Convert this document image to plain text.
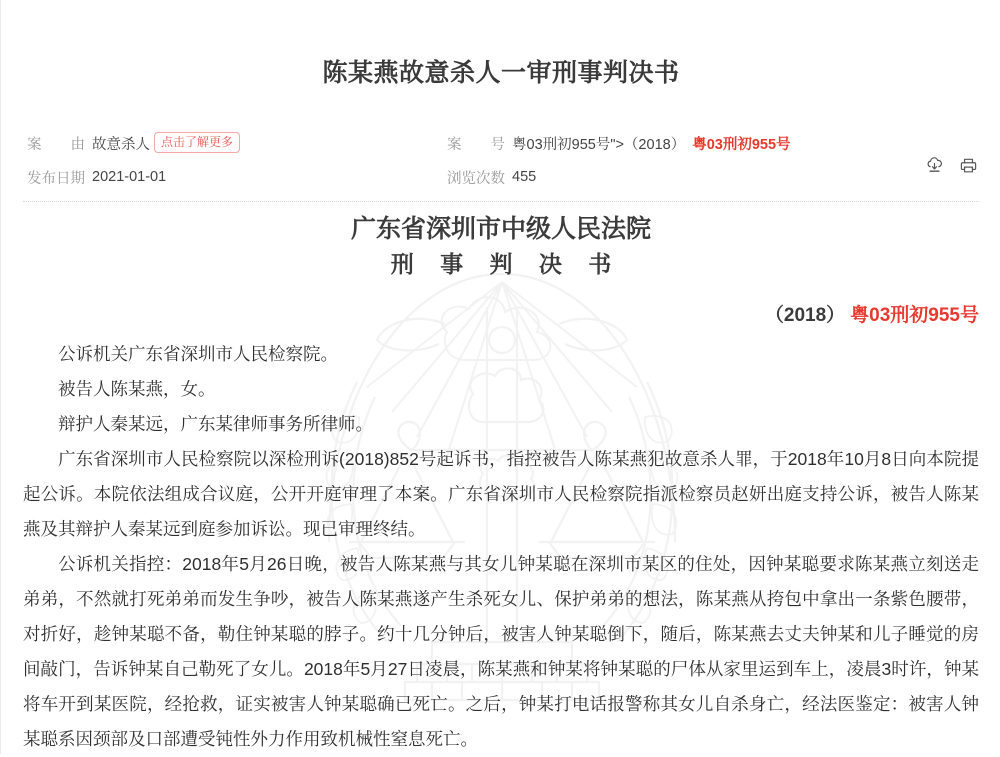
陈某燕故意杀人一审刑事判决书
案　　由 故意杀人 点击了解更多	案　　号 粤03刑初955号">（2018） 粤03刑初955号
发布日期 2021-01-01	浏览次数 455
广东省深圳市中级人民法院
刑 事 判 决 书
（2018） 粤03刑初955号

公诉机关广东省深圳市人民检察院。

被告人陈某燕，女。

辩护人秦某远，广东某律师事务所律师。

广东省深圳市人民检察院以深检刑诉(2018)852号起诉书，指控被告人陈某燕犯故意杀人罪，于2018年10月8日向本院提起公诉。本院依法组成合议庭，公开开庭审理了本案。广东省深圳市人民检察院指派检察员赵妍出庭支持公诉，被告人陈某燕及其辩护人秦某远到庭参加诉讼。现已审理终结。

公诉机关指控：2018年5月26日晚，被告人陈某燕与其女儿钟某聪在深圳市某区的住处，因钟某聪要求陈某燕立刻送走弟弟，不然就打死弟弟而发生争吵，被告人陈某燕遂产生杀死女儿、保护弟弟的想法，陈某燕从挎包中拿出一条紫色腰带，对折好，趁钟某聪不备，勒住钟某聪的脖子。约十几分钟后，被害人钟某聪倒下，随后，陈某燕去丈夫钟某和儿子睡觉的房间敲门，告诉钟某自己勒死了女儿。2018年5月27日凌晨，陈某燕和钟某将钟某聪的尸体从家里运到车上，凌晨3时许，钟某将车开到某医院，经抢救，证实被害人钟某聪确已死亡。之后，钟某打电话报警称其女儿自杀身亡，经法医鉴定：被害人钟某聪系因颈部及口部遭受钝性外力作用致机械性窒息死亡。
